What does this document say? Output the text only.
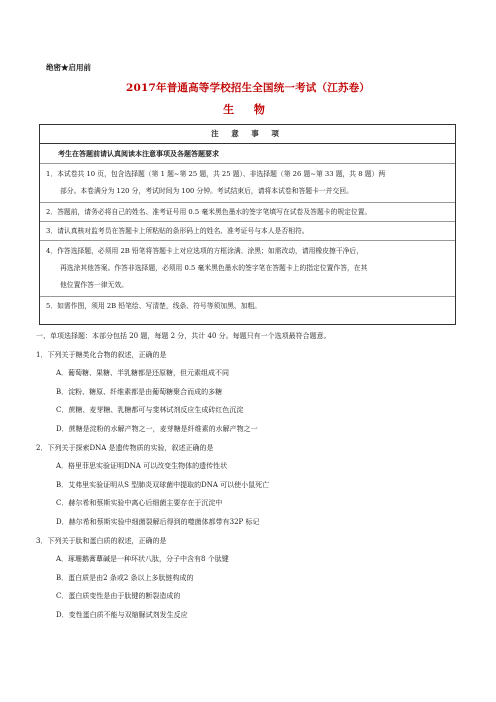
绝密★启用前
2017年普通高等学校招生全国统一考试（江苏卷）
生 物
注 意 事 项
考生在答题前请认真阅读本注意事项及各题答题要求
1．本试卷共 10 页，包含选择题（第 1 题~第 25 题，共 25 题）、非选择题（第 26 题~第 33 题，共 8 题）两
部分。本卷满分为 120 分，考试时间为 100 分钟。考试结束后，请将本试卷和答题卡一并交回。
2．答题前，请务必将自己的姓名、准考证号用 0.5 毫米黑色墨水的签字笔填写在试卷及答题卡的规定位置。
3．请认真核对监考员在答题卡上所粘贴的条形码上的姓名、准考证号与本人是否相符。
4．作答选择题，必须用 2B 铅笔将答题卡上对应选项的方框涂满、涂黑；如需改动，请用橡皮擦干净后，
再选涂其他答案。作答非选择题，必须用 0.5 毫米黑色墨水的签字笔在答题卡上的指定位置作答，在其
他位置作答一律无效。
5．如需作图，须用 2B 铅笔绘、写清楚，线条、符号等须加黑、加粗。
一、单项选择题：本部分包括 20 题，每题 2 分，共计 40 分。每题只有一个选项最符合题意。
1．下列关于糖类化合物的叙述，正确的是
A．葡萄糖、果糖、半乳糖都是还原糖，但元素组成不同
B．淀粉、糖原、纤维素都是由葡萄糖聚合而成的多糖
C．蔗糖、麦芽糖、乳糖都可与斐林试剂反应生成砖红色沉淀
D．蔗糖是淀粉的水解产物之一，麦芽糖是纤维素的水解产物之一
2．下列关于探索DNA 是遗传物质的实验，叙述正确的是
A．格里菲思实验证明DNA 可以改变生物体的遗传性状
B．艾弗里实验证明从S 型肺炎双球菌中提取的DNA 可以使小鼠死亡
C．赫尔希和蔡斯实验中离心后细菌主要存在于沉淀中
D．赫尔希和蔡斯实验中细菌裂解后得到的噬菌体都带有32P 标记
3．下列关于肽和蛋白质的叙述，正确的是
A．琢珊鹅膏蕈碱是一种环状八肽，分子中含有8 个肽键
B．蛋白质是由2 条或2 条以上多肽链构成的
C．蛋白质变性是由于肽键的断裂造成的
D．变性蛋白质不能与双缩脲试剂发生反应
